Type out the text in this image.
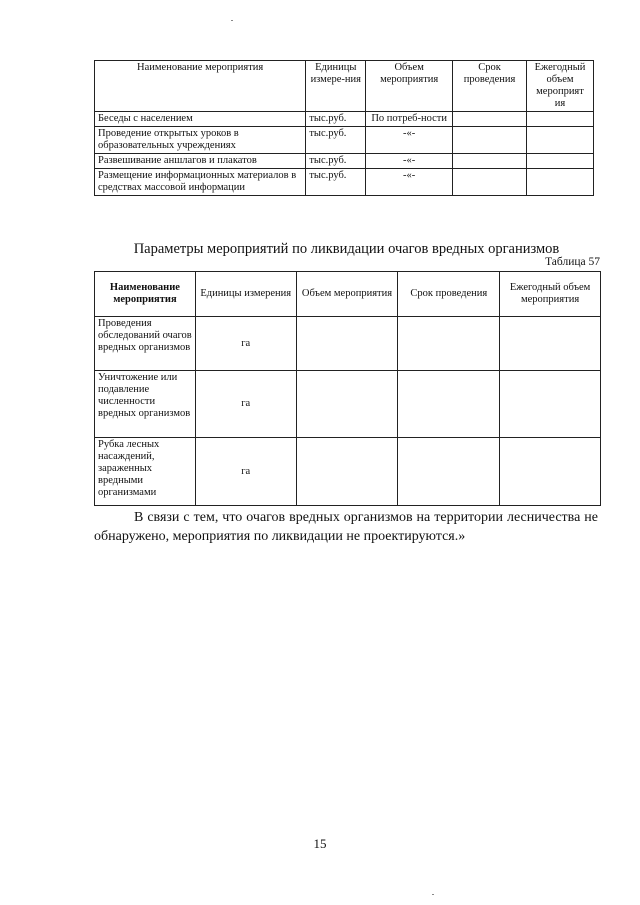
Наименование мероприятия	Единицы измере-ния	Объем мероприятия	Срок проведения	Ежегодный объем мероприят ия
Беседы с населением	тыс.руб.	По потреб-ности		
Проведение открытых уроков в образовательных учреждениях	тыс.руб.	-«-		
Развешивание аншлагов и плакатов	тыс.руб.	-«-		
Размещение информационных материалов в средствах массовой информации	тыс.руб.	-«-		
Параметры мероприятий по ликвидации очагов вредных организмов
Таблица 57
Наименование мероприятия	Единицы измерения	Объем мероприятия	Срок проведения	Ежегодный объем мероприятия
Проведения обследований очагов вредных организмов	га			
Уничтожение или подавление численности вредных организмов	га			
Рубка лесных насаждений, зараженных вредными организмами	га			
В связи с тем, что очагов вредных организмов на территории лесничества не обнаружено, мероприятия по ликвидации не проектируются.»
15
